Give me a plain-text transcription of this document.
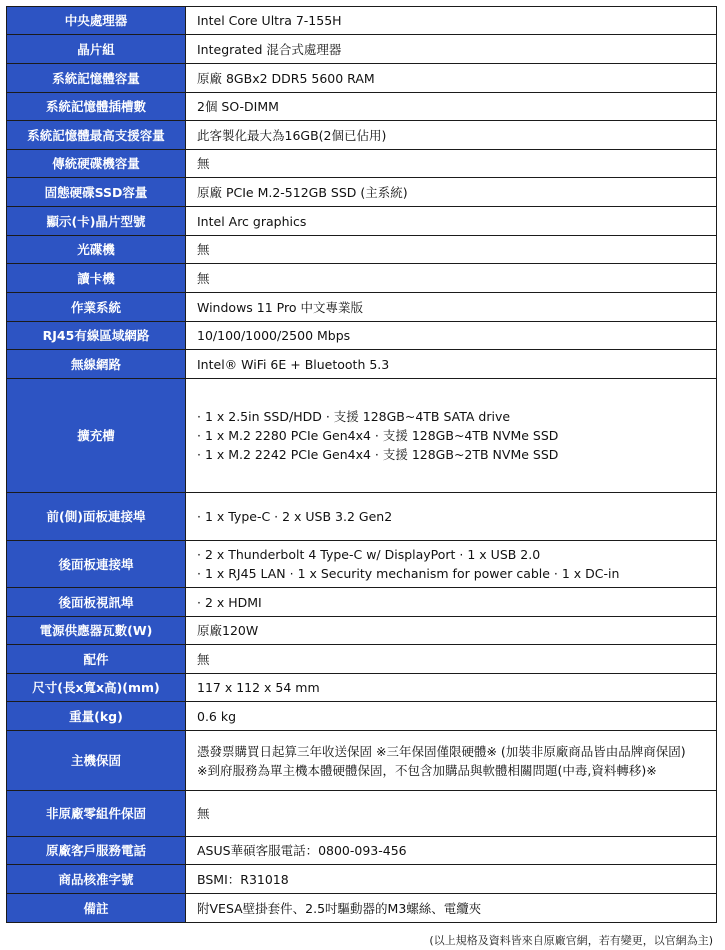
中央處理器	Intel Core Ultra 7-155H

晶片組	Integrated 混合式處理器

系統記憶體容量	原廠 8GBx2 DDR5 5600 RAM

系統記憶體插槽數	2個 SO-DIMM

系統記憶體最高支援容量	此客製化最大為16GB(2個已佔用)

傳統硬碟機容量	無

固態硬碟SSD容量	原廠 PCIe M.2-512GB SSD (主系統)

顯示(卡)晶片型號	Intel Arc graphics

光碟機	無

讀卡機	無

作業系統	Windows 11 Pro 中文專業版

RJ45有線區域網路	10/100/1000/2500 Mbps

無線網路	Intel® WiFi 6E + Bluetooth 5.3

擴充槽	· 1 x 2.5in SSD/HDD · 支援 128GB~4TB SATA drive
· 1 x M.2 2280 PCIe Gen4x4 · 支援 128GB~4TB NVMe SSD
· 1 x M.2 2242 PCIe Gen4x4 · 支援 128GB~2TB NVMe SSD

前(側)面板連接埠	· 1 x Type-C · 2 x USB 3.2 Gen2

後面板連接埠	· 2 x Thunderbolt 4 Type-C w/ DisplayPort · 1 x USB 2.0
· 1 x RJ45 LAN · 1 x Security mechanism for power cable · 1 x DC-in

後面板視訊埠	· 2 x HDMI

電源供應器瓦數(W)	原廠120W

配件	無

尺寸(長x寬x高)(mm)	117 x 112 x 54 mm

重量(kg)	0.6 kg

主機保固	憑發票購買日起算三年收送保固 ※三年保固僅限硬體※ (加裝非原廠商品皆由品牌商保固)
※到府服務為單主機本體硬體保固，不包含加購品與軟體相關問題(中毒,資料轉移)※

非原廠零組件保固	無

原廠客戶服務電話	ASUS華碩客服電話：0800-093-456

商品核准字號	BSMI：R31018

備註	附VESA壁掛套件、2.5吋驅動器的M3螺絲、電纜夾
(以上規格及資料皆來自原廠官網，若有變更，以官網為主)
